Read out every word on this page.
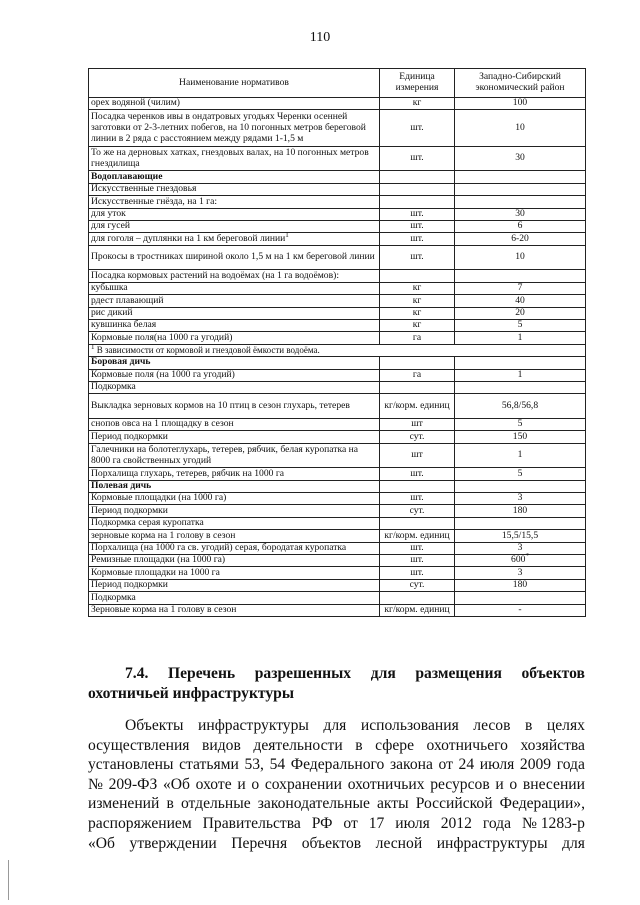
110
Наименование нормативов	Единица измерения	Западно-Сибирский экономический район
орех водяной (чилим)	кг	100
Посадка черенков ивы в ондатровых угодьях Черенки осенней заготовки от 2-3-летних побегов, на 10 погонных метров береговой линии в 2 ряда с расстоянием между рядами 1-1,5 м	шт.	10
То же на дерновых хатках, гнездовых валах, на 10 погонных метров гнездилища	шт.	30
Водоплавающие		
Искусственные гнездовья		
Искусственные гнёзда, на 1 га:		
для уток	шт.	30
для гусей	шт.	6
для гоголя – дуплянки на 1 км береговой линии$^1$	шт.	6-20
Прокосы в тростниках шириной около 1,5 м на 1 км береговой линии	шт.	10
Посадка кормовых растений на водоёмах (на 1 га водоёмов):		
кубышка	кг	7
рдест плавающий	кг	40
рис дикий	кг	20
кувшинка белая	кг	5
Кормовые поля(на 1000 га угодий)	га	1
$^1$ В зависимости от кормовой и гнездовой ёмкости водоёма.		
Боровая дичь		
Кормовые поля (на 1000 га угодий)	га	1
Подкормка		
Выкладка зерновых кормов на 10 птиц в сезон глухарь, тетерев	кг/корм. единиц	56,8/56,8
снопов овса на 1 площадку в сезон	шт	5
Период подкормки	сут.	150
Галечники на болотеглухарь, тетерев, рябчик, белая куропатка на 8000 га свойственных угодий	шт	1
Порхалища глухарь, тетерев, рябчик на 1000 га	шт.	5
Полевая дичь		
Кормовые площадки (на 1000 га)	шт.	3
Период подкормки	сут.	180
Подкормка серая куропатка		
зерновые корма на 1 голову в сезон	кг/корм. единиц	15,5/15,5
Порхалища (на 1000 га св. угодий) серая, бородатая куропатка	шт.	3
Ремизные площадки (на 1000 га)	шт.	600*
Кормовые площадки на 1000 га	шт.	3
Период подкормки	сут.	180
Подкормка		
Зерновые корма на 1 голову в сезон	кг/корм. единиц	-
7.4. Перечень разрешенных для размещения объектов
охотничьей инфраструктуры
Объекты инфраструктуры для использования лесов в целях
осуществления видов деятельности в сфере охотничьего хозяйства
установлены статьями 53, 54 Федерального закона от 24 июля 2009 года
№ 209-ФЗ «Об охоте и о сохранении охотничьих ресурсов и о внесении
изменений в отдельные законодательные акты Российской Федерации»,
распоряжением Правительства РФ от 17 июля 2012 года № 1283-р
«Об утверждении Перечня объектов лесной инфраструктуры для
